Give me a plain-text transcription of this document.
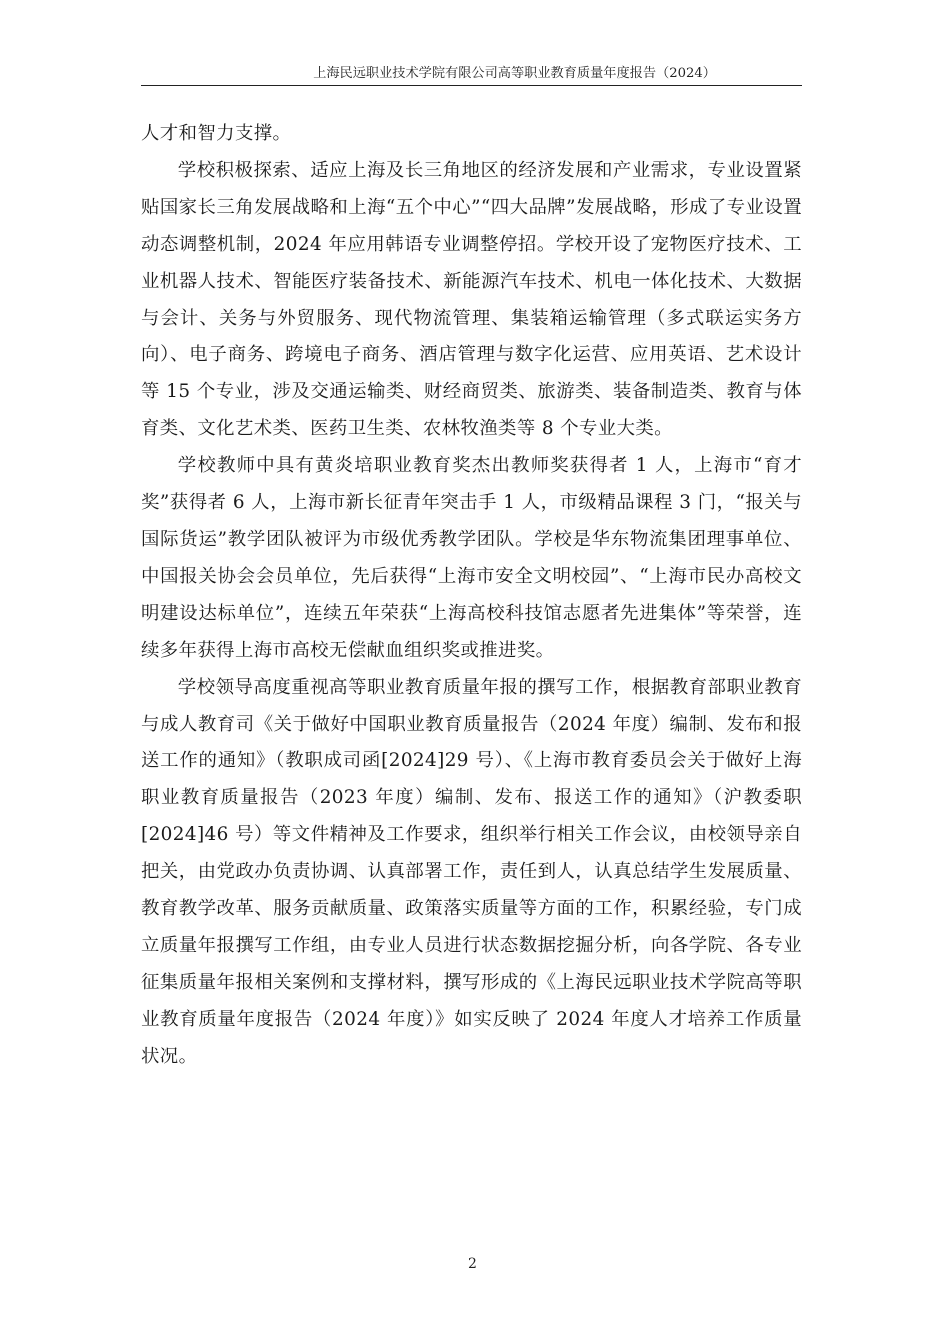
上海民远职业技术学院有限公司高等职业教育质量年度报告（2024）

人才和智力支撑。

学校积极探索、适应上海及长三角地区的经济发展和产业需求，专业设置紧贴国家长三角发展战略和上海“五个中心”“四大品牌”发展战略，形成了专业设置动态调整机制，2024 年应用韩语专业调整停招。学校开设了宠物医疗技术、工业机器人技术、智能医疗装备技术、新能源汽车技术、机电一体化技术、大数据与会计、关务与外贸服务、现代物流管理、集装箱运输管理（多式联运实务方向）、电子商务、跨境电子商务、酒店管理与数字化运营、应用英语、艺术设计等 15 个专业，涉及交通运输类、财经商贸类、旅游类、装备制造类、教育与体育类、文化艺术类、医药卫生类、农林牧渔类等 8 个专业大类。

学校教师中具有黄炎培职业教育奖杰出教师奖获得者 1 人，上海市“育才奖”获得者 6 人，上海市新长征青年突击手 1 人，市级精品课程 3 门，“报关与国际货运”教学团队被评为市级优秀教学团队。学校是华东物流集团理事单位、中国报关协会会员单位，先后获得“上海市安全文明校园”、“上海市民办高校文明建设达标单位”，连续五年荣获“上海高校科技馆志愿者先进集体”等荣誉，连续多年获得上海市高校无偿献血组织奖或推进奖。

学校领导高度重视高等职业教育质量年报的撰写工作，根据教育部职业教育与成人教育司《关于做好中国职业教育质量报告（2024 年度）编制、发布和报送工作的通知》（教职成司函[2024]29 号）、《上海市教育委员会关于做好上海职业教育质量报告（2023 年度）编制、发布、报送工作的通知》（沪教委职[2024]46 号）等文件精神及工作要求，组织举行相关工作会议，由校领导亲自把关，由党政办负责协调、认真部署工作，责任到人，认真总结学生发展质量、教育教学改革、服务贡献质量、政策落实质量等方面的工作，积累经验，专门成立质量年报撰写工作组，由专业人员进行状态数据挖掘分析，向各学院、各专业征集质量年报相关案例和支撑材料，撰写形成的《上海民远职业技术学院高等职业教育质量年度报告（2024 年度）》如实反映了 2024 年度人才培养工作质量状况。

2
